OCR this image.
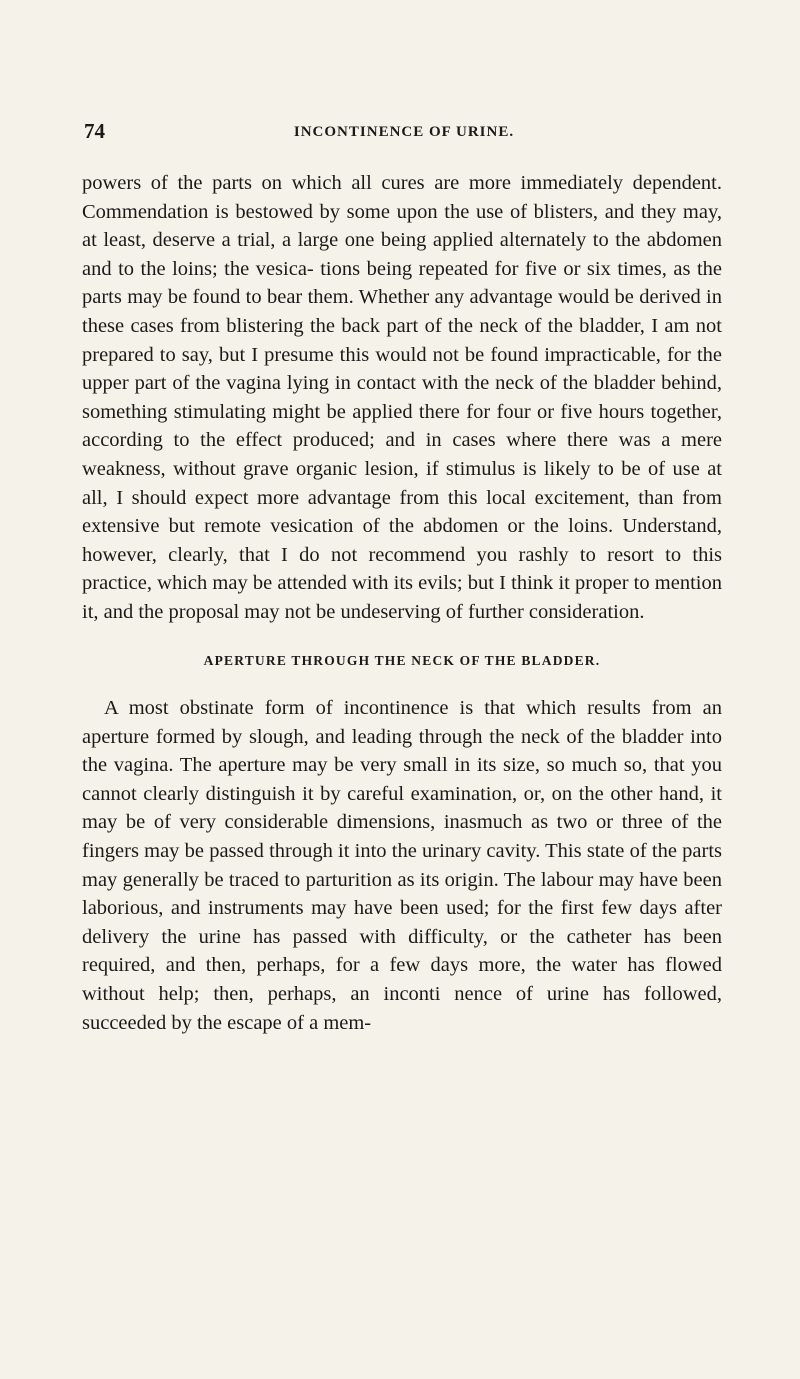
74	INCONTINENCE OF URINE.

powers of the parts on which all cures are more immediately dependent. Commendation is bestowed by some upon the use of blisters, and they may, at least, deserve a trial, a large one being applied alternately to the abdomen and to the loins; the vesica- tions being repeated for five or six times, as the parts may be found to bear them. Whether any advantage would be derived in these cases from blistering the back part of the neck of the bladder, I am not prepared to say, but I presume this would not be found impracticable, for the upper part of the vagina lying in contact with the neck of the bladder behind, something stimulating might be applied there for four or five hours together, according to the effect produced; and in cases where there was a mere weakness, without grave organic lesion, if stimulus is likely to be of use at all, I should expect more advantage from this local excitement, than from extensive but remote vesication of the abdomen or the loins. Understand, however, clearly, that I do not recommend you rashly to resort to this practice, which may be attended with its evils; but I think it proper to mention it, and the proposal may not be undeserving of further consideration.

APERTURE THROUGH THE NECK OF THE BLADDER.

A most obstinate form of incontinence is that which results from an aperture formed by slough, and leading through the neck of the bladder into the vagina. The aperture may be very small in its size, so much so, that you cannot clearly distinguish it by careful examination, or, on the other hand, it may be of very considerable dimensions, inasmuch as two or three of the fingers may be passed through it into the urinary cavity. This state of the parts may generally be traced to parturition as its origin. The labour may have been laborious, and instruments may have been used; for the first few days after delivery the urine has passed with difficulty, or the catheter has been required, and then, perhaps, for a few days more, the water has flowed without help; then, perhaps, an inconti nence of urine has followed, succeeded by the escape of a mem-
